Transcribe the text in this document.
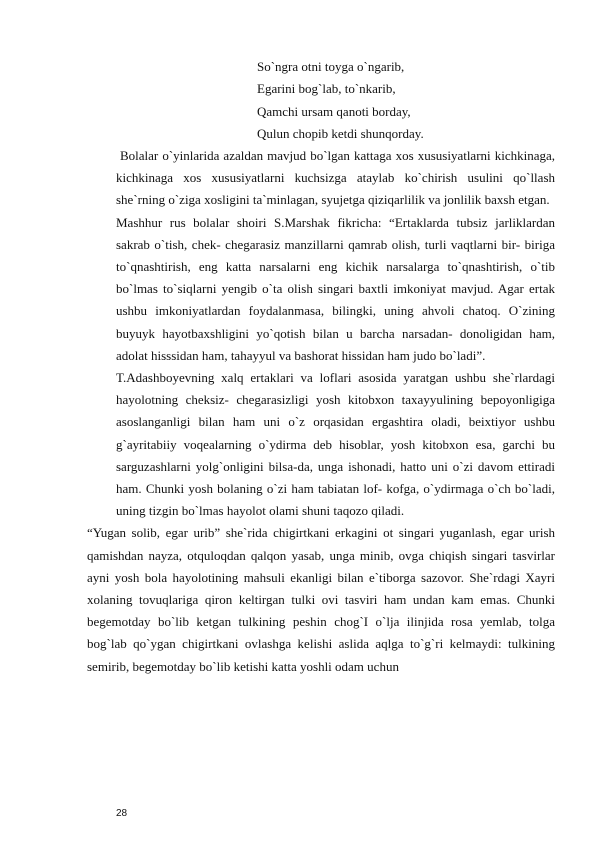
So`ngra otni toyga o`ngarib,
Egarini bog`lab, to`nkarib,
Qamchi ursam qanoti borday,
Qulun chopib ketdi shunqorday.

Bolalar o`yinlarida azaldan mavjud bo`lgan kattaga xos xususiyatlarni kichkinaga, kichkinaga xos xususiyatlarni kuchsizga ataylab ko`chirish usulini qo`llash she`rning o`ziga xosligini ta`minlagan, syujetga qiziqarlilik va jonlilik baxsh etgan.

Mashhur rus bolalar shoiri S.Marshak fikricha: “Ertaklarda tubsiz jarliklardan sakrab o`tish, chek- chegarasiz manzillarni qamrab olish, turli vaqtlarni bir- biriga to`qnashtirish, eng katta narsalarni eng kichik narsalarga to`qnashtirish, o`tib bo`lmas to`siqlarni yengib o`ta olish singari baxtli imkoniyat mavjud. Agar ertak ushbu imkoniyatlardan foydalanmasa, bilingki, uning ahvoli chatoq. O`zining buyuyk hayotbaxshligini yo`qotish bilan u barcha narsadan- donoligidan ham, adolat hisssidan ham, tahayyul va bashorat hissidan ham judo bo`ladi”.

T.Adashboyevning xalq ertaklari va loflari asosida yaratgan ushbu she`rlardagi hayolotning cheksiz- chegarasizligi yosh kitobxon taxayyulining bepoyonligiga asoslanganligi bilan ham uni o`z orqasidan ergashtira oladi, beixtiyor ushbu g`ayritabiiy voqealarning o`ydirma deb hisoblar, yosh kitobxon esa, garchi bu sarguzashlarni yolg`onligini bilsa-da, unga ishonadi, hatto uni o`zi davom ettiradi ham. Chunki yosh bolaning o`zi ham tabiatan lof- kofga, o`ydirmaga o`ch bo`ladi, uning tizgin bo`lmas hayolot olami shuni taqozo qiladi.

“Yugan solib, egar urib” she`rida chigirtkani erkagini ot singari yuganlash, egar urish qamishdan nayza, otquloqdan qalqon yasab, unga minib, ovga chiqish singari tasvirlar ayni yosh bola hayolotining mahsuli ekanligi bilan e`tiborga sazovor. She`rdagi Xayri xolaning tovuqlariga qiron keltirgan tulki ovi tasviri ham undan kam emas. Chunki begemotday bo`lib ketgan tulkining peshin chog`I o`lja ilinjida rosa yemlab, tolga bog`lab qo`ygan chigirtkani ovlashga kelishi aslida aqlga to`g`ri kelmaydi: tulkining semirib, begemotday bo`lib ketishi katta yoshli odam uchun

28
